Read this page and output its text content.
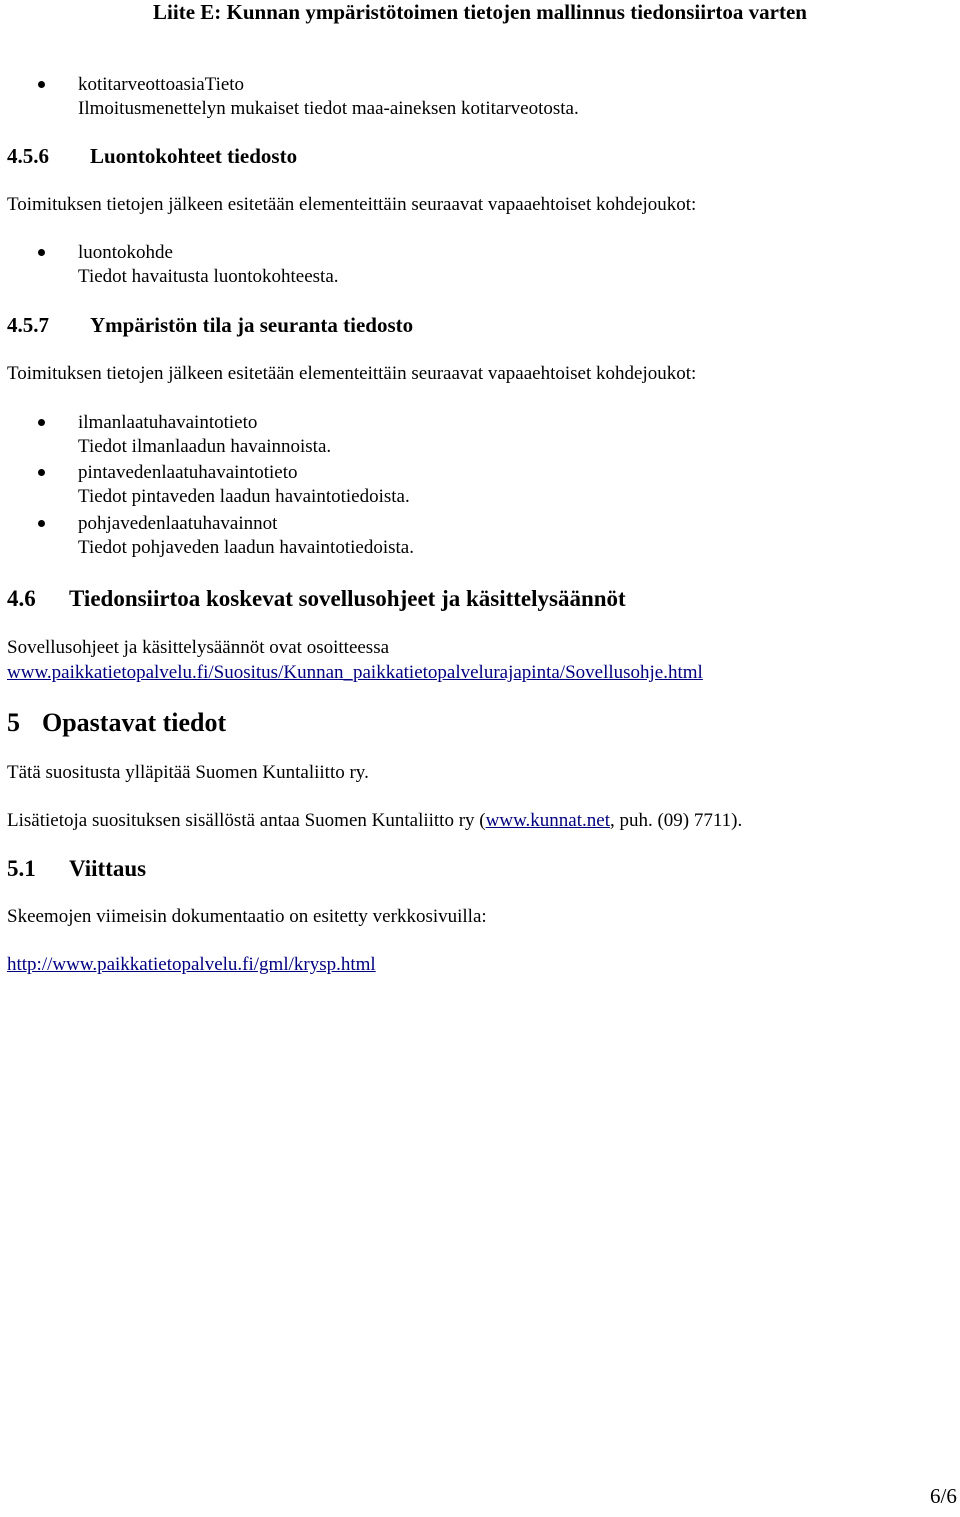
Liite E: Kunnan ympäristötoimen tietojen mallinnus tiedonsiirtoa varten
kotitarveottoasiaTieto
Ilmoitusmenettelyn mukaiset tiedot maa-aineksen kotitarveotosta.
4.5.6 Luontokohteet tiedosto
Toimituksen tietojen jälkeen esitetään elementeittäin seuraavat vapaaehtoiset kohdejoukot:
luontokohde
Tiedot havaitusta luontokohteesta.
4.5.7 Ympäristön tila ja seuranta tiedosto
Toimituksen tietojen jälkeen esitetään elementeittäin seuraavat vapaaehtoiset kohdejoukot:
ilmanlaatuhavaintotieto
Tiedot ilmanlaadun havainnoista.
pintavedenlaatuhavaintotieto
Tiedot pintaveden laadun havaintotiedoista.
pohjavedenlaatuhavainnot
Tiedot pohjaveden laadun havaintotiedoista.
4.6 Tiedonsiirtoa koskevat sovellusohjeet ja käsittelysäännöt
Sovellusohjeet ja käsittelysäännöt ovat osoitteessa
www.paikkatietopalvelu.fi/Suositus/Kunnan_paikkatietopalvelurajapinta/Sovellusohje.html
5 Opastavat tiedot
Tätä suositusta ylläpitää Suomen Kuntaliitto ry.
Lisätietoja suosituksen sisällöstä antaa Suomen Kuntaliitto ry (www.kunnat.net, puh. (09) 7711).
5.1 Viittaus
Skeemojen viimeisin dokumentaatio on esitetty verkkosivuilla:
http://www.paikkatietopalvelu.fi/gml/krysp.html
6/6
